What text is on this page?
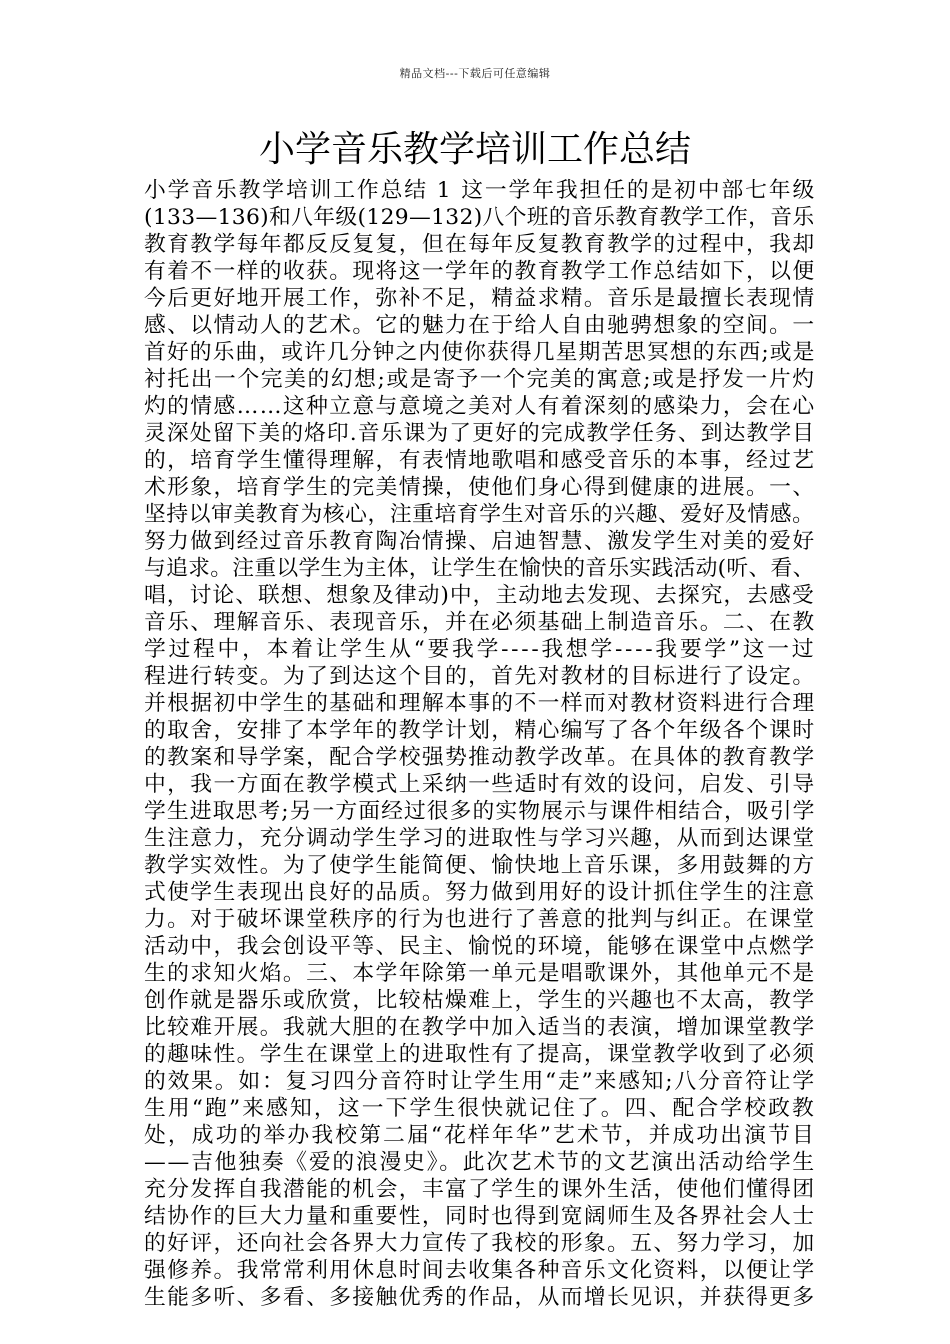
精品文档---下载后可任意编辑
小学音乐教学培训工作总结
小学音乐教学培训工作总结 1 这一学年我担任的是初中部七年级
(133—136)和八年级(129—132)八个班的音乐教育教学工作，音乐
教育教学每年都反反复复，但在每年反复教育教学的过程中，我却
有着不一样的收获。现将这一学年的教育教学工作总结如下，以便
今后更好地开展工作，弥补不足，精益求精。音乐是最擅长表现情
感、以情动人的艺术。它的魅力在于给人自由驰骋想象的空间。一
首好的乐曲，或许几分钟之内使你获得几星期苦思冥想的东西;或是
衬托出一个完美的幻想;或是寄予一个完美的寓意;或是抒发一片灼
灼的情感……这种立意与意境之美对人有着深刻的感染力，会在心
灵深处留下美的烙印.音乐课为了更好的完成教学任务、到达教学目
的，培育学生懂得理解，有表情地歌唱和感受音乐的本事，经过艺
术形象，培育学生的完美情操，使他们身心得到健康的进展。一、
坚持以审美教育为核心，注重培育学生对音乐的兴趣、爱好及情感。
努力做到经过音乐教育陶冶情操、启迪智慧、激发学生对美的爱好
与追求。注重以学生为主体，让学生在愉快的音乐实践活动(听、看、
唱，讨论、联想、想象及律动)中，主动地去发现、去探究，去感受
音乐、理解音乐、表现音乐，并在必须基础上制造音乐。二、在教
学过程中，本着让学生从“要我学----我想学----我要学”这一过
程进行转变。为了到达这个目的，首先对教材的目标进行了设定。
并根据初中学生的基础和理解本事的不一样而对教材资料进行合理
的取舍，安排了本学年的教学计划，精心编写了各个年级各个课时
的教案和导学案，配合学校强势推动教学改革。在具体的教育教学
中，我一方面在教学模式上采纳一些适时有效的设问，启发、引导
学生进取思考;另一方面经过很多的实物展示与课件相结合，吸引学
生注意力，充分调动学生学习的进取性与学习兴趣，从而到达课堂
教学实效性。为了使学生能简便、愉快地上音乐课，多用鼓舞的方
式使学生表现出良好的品质。努力做到用好的设计抓住学生的注意
力。对于破坏课堂秩序的行为也进行了善意的批判与纠正。在课堂
活动中，我会创设平等、民主、愉悦的环境，能够在课堂中点燃学
生的求知火焰。三、本学年除第一单元是唱歌课外，其他单元不是
创作就是器乐或欣赏，比较枯燥难上，学生的兴趣也不太高，教学
比较难开展。我就大胆的在教学中加入适当的表演，增加课堂教学
的趣味性。学生在课堂上的进取性有了提高，课堂教学收到了必须
的效果。如：复习四分音符时让学生用“走”来感知;八分音符让学
生用“跑”来感知，这一下学生很快就记住了。四、配合学校政教
处，成功的举办我校第二届“花样年华”艺术节，并成功出演节目
——吉他独奏《爱的浪漫史》。此次艺术节的文艺演出活动给学生
充分发挥自我潜能的机会，丰富了学生的课外生活，使他们懂得团
结协作的巨大力量和重要性，同时也得到宽阔师生及各界社会人士
的好评，还向社会各界大力宣传了我校的形象。五、努力学习，加
强修养。我常常利用休息时间去收集各种音乐文化资料，以便让学
生能多听、多看、多接触优秀的作品，从而增长见识，并获得更多
